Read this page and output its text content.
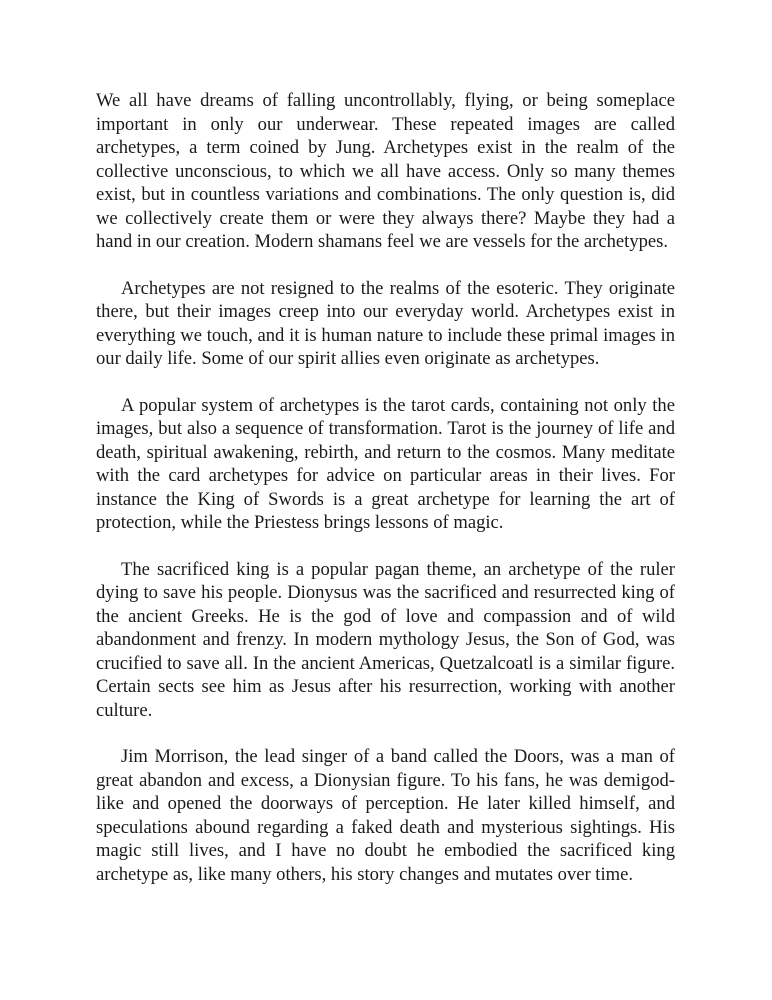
We all have dreams of falling uncontrollably, flying, or being someplace important in only our underwear. These repeated images are called archetypes, a term coined by Jung. Archetypes exist in the realm of the collective unconscious, to which we all have access. Only so many themes exist, but in countless variations and combinations. The only question is, did we collectively create them or were they always there? Maybe they had a hand in our creation. Modern shamans feel we are vessels for the archetypes.

Archetypes are not resigned to the realms of the esoteric. They originate there, but their images creep into our everyday world. Archetypes exist in everything we touch, and it is human nature to include these primal images in our daily life. Some of our spirit allies even originate as archetypes.

A popular system of archetypes is the tarot cards, containing not only the images, but also a sequence of transformation. Tarot is the journey of life and death, spiritual awakening, rebirth, and return to the cosmos. Many meditate with the card archetypes for advice on particular areas in their lives. For instance the King of Swords is a great archetype for learning the art of protection, while the Priestess brings lessons of magic.

The sacrificed king is a popular pagan theme, an archetype of the ruler dying to save his people. Dionysus was the sacrificed and resurrected king of the ancient Greeks. He is the god of love and compassion and of wild abandonment and frenzy. In modern mythology Jesus, the Son of God, was crucified to save all. In the ancient Americas, Quetzalcoatl is a similar figure. Certain sects see him as Jesus after his resurrection, working with another culture.

Jim Morrison, the lead singer of a band called the Doors, was a man of great abandon and excess, a Dionysian figure. To his fans, he was demigod-like and opened the doorways of perception. He later killed himself, and speculations abound regarding a faked death and mysterious sightings. His magic still lives, and I have no doubt he embodied the sacrificed king archetype as, like many others, his story changes and mutates over time.
